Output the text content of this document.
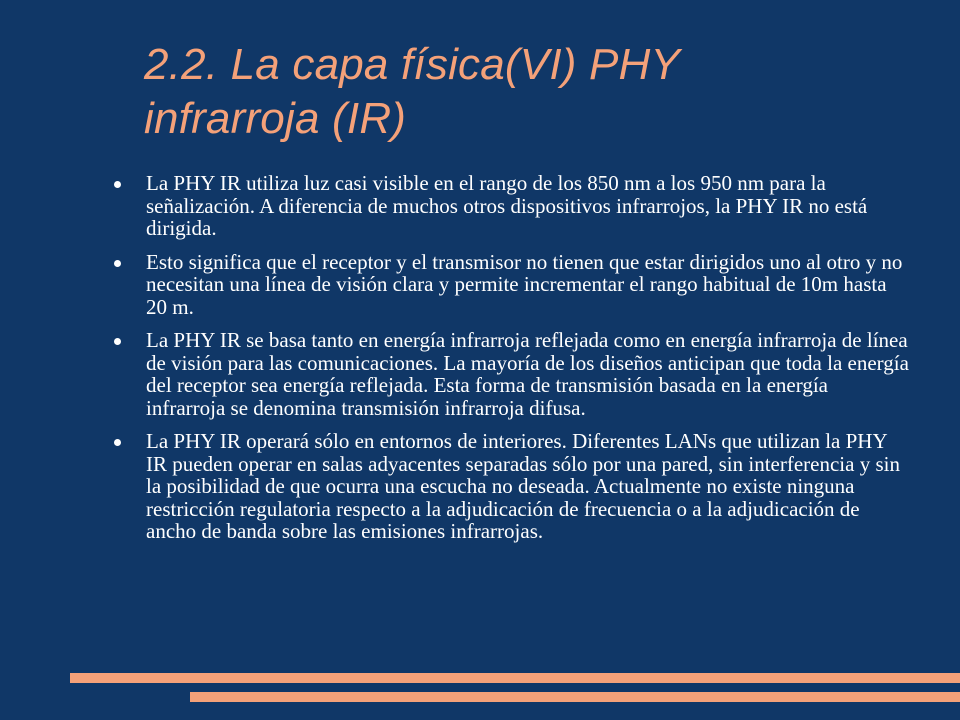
2.2. La capa física(VI) PHY
infrarroja (IR)
La PHY IR utiliza luz casi visible en el rango de los 850 nm a los 950 nm para la señalización. A diferencia de muchos otros dispositivos infrarrojos, la PHY IR no está dirigida.
Esto significa que el receptor y el transmisor no tienen que estar dirigidos uno al otro y no necesitan una línea de visión clara y permite incrementar el rango habitual de 10m hasta 20 m.
La PHY IR se basa tanto en energía infrarroja reflejada como en energía infrarroja de línea de visión para las comunicaciones. La mayoría de los diseños anticipan que toda la energía del receptor sea energía reflejada. Esta forma de transmisión basada en la energía infrarroja se denomina transmisión infrarroja difusa.
La PHY IR operará sólo en entornos de interiores. Diferentes LANs que utilizan la PHY IR pueden operar en salas adyacentes separadas sólo por una pared, sin interferencia y sin la posibilidad de que ocurra una escucha no deseada. Actualmente no existe ninguna restricción regulatoria respecto a la adjudicación de frecuencia o a la adjudicación de ancho de banda sobre las emisiones infrarrojas.
